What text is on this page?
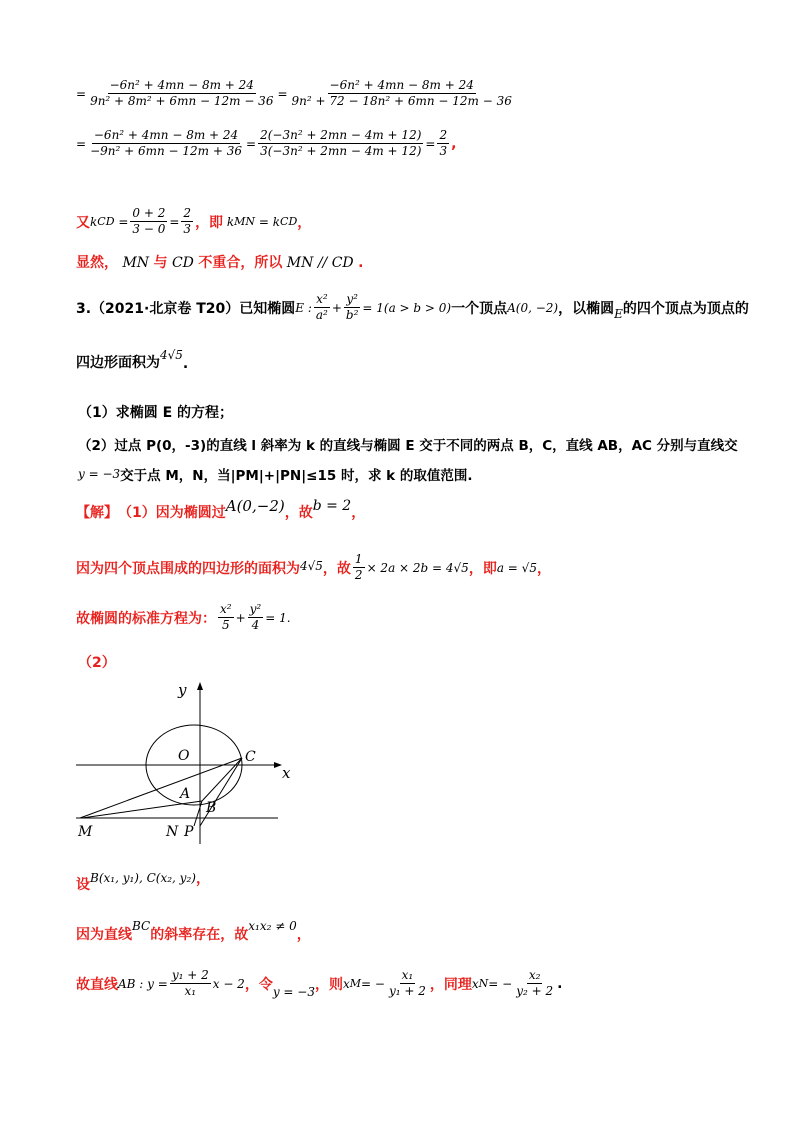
= $\frac{\text{−6n² + 4mn − 8m + 24}}{\text{9n² + 8m² + 6mn − 12m − 36}} = \frac{\text{−6n² + 4mn − 8m + 24}}{\text{9n² + 72 − 18n² + 6mn − 12m − 36}}$
= $\frac{\text{−6n² + 4mn − 8m + 24}}{\text{−9n² + 6mn − 12m + 36}} = \frac{\text{2(−3n² + 2mn − 4m + 12)}}{\text{3(−3n² + 2mn − 4m + 12)}} = \frac{2}{3}$ ,
又 k CD = $\frac{0 + 2}{3 - 0} = \frac{2}{3}$ ，即
k MN
= k CD ，
显然， MN 与 CD 不重合，所以 MN // CD .
3.（2021·北京卷 T20）已知椭圆 E : $\frac{\text{x²}}{\text{a²}} + \frac{\text{y²}}{\text{b²}} = 1(a > b > 0)$ 一个顶点 A(0, −2) ，以椭圆 E 的四个顶点为顶点的
四边形面积为 4√5
.
（1）求椭圆 E 的方程；
（2）过点 P(0，-3)的直线 l 斜率为 k 的直线与椭圆 E 交于不同的两点 B，C，直线 AB，AC 分别与直线交
y = −3 交于点 M，N，当|PM|+|PN|≤15 时，求 k 的取值范围.
【解】 （1）因为椭圆过 A(0,−2) ，故 b = 2 ，
因为四个顶点围成的四边形的面积为 4√5 ，故 $\frac{1}{2} \times 2a \times 2b = 4√5$ ，即 a = √5 ，
故椭圆的标准方程为： $\frac{\text{x²}}{5} + \frac{\text{y²}}{4} = 1$.
（2）
y
x
O	C
A
B
M	N P
设 B(x₁, y₁), C(x₂, y₂) ，
因为直线
BC
的斜率存在，故
x₁x₂ ≠ 0
，
故直线 AB : $y = \frac{\text{y₁ + 2}}{\text{x₁}}$ x − 2 ，令 y = −3 ，则 x M = − $\frac{\text{x₁}}{\text{y₁ + 2}}$ ，同理 x N = − $\frac{\text{x₂}}{\text{y₂ + 2}}$ .
